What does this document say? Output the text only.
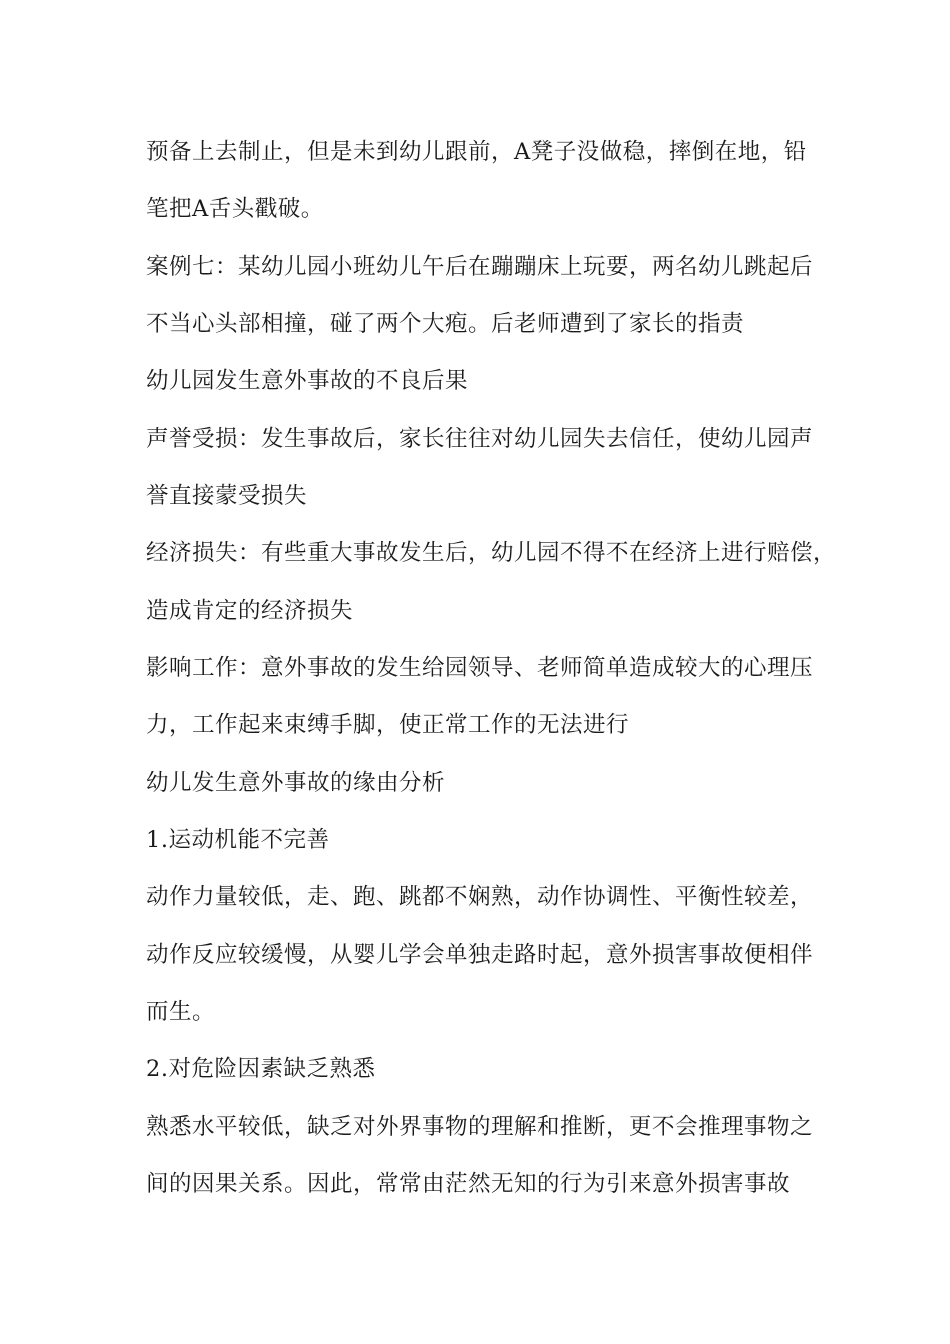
预备上去制止，但是未到幼儿跟前，A凳子没做稳，摔倒在地，铅
笔把A舌头戳破。
案例七：某幼儿园小班幼儿午后在蹦蹦床上玩要，两名幼儿跳起后
不当心头部相撞，碰了两个大疱。后老师遭到了家长的指责
幼儿园发生意外事故的不良后果
声誉受损：发生事故后，家长往往对幼儿园失去信任，使幼儿园声
誉直接蒙受损失
经济损失：有些重大事故发生后，幼儿园不得不在经济上进行赔偿，
造成肯定的经济损失
影响工作：意外事故的发生给园领导、老师简单造成较大的心理压
力，工作起来束缚手脚，使正常工作的无法进行
幼儿发生意外事故的缘由分析
1.运动机能不完善
动作力量较低，走、跑、跳都不娴熟，动作协调性、平衡性较差，
动作反应较缓慢，从婴儿学会单独走路时起，意外损害事故便相伴
而生。
2.对危险因素缺乏熟悉
熟悉水平较低，缺乏对外界事物的理解和推断，更不会推理事物之
间的因果关系。因此，常常由茫然无知的行为引来意外损害事故
